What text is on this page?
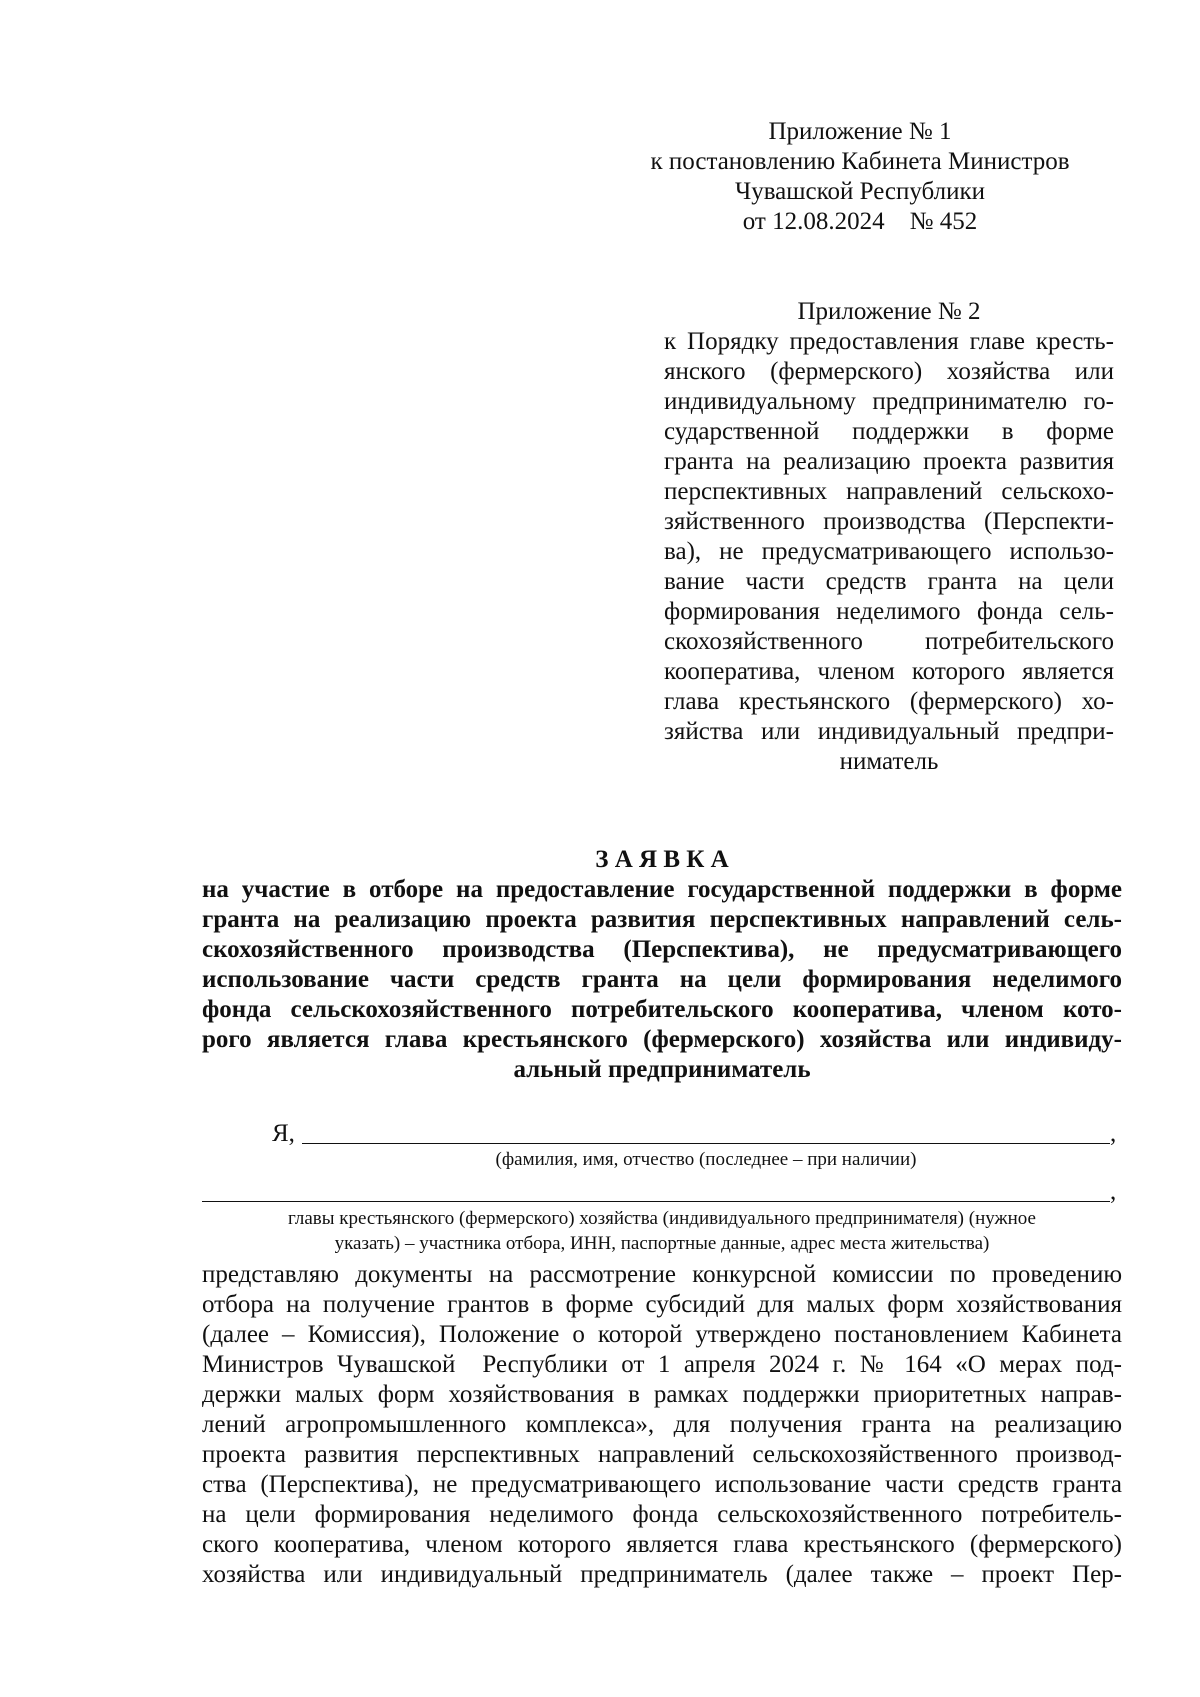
Приложение № 1
к постановлению Кабинета Министров
Чувашской Республики
от 12.08.2024    № 452
Приложение № 2
к Порядку предоставления главе кресть-
янского (фермерского) хозяйства или
индивидуальному предпринимателю го-
сударственной поддержки в форме
гранта на реализацию проекта развития
перспективных направлений сельскохо-
зяйственного производства (Перспекти-
ва), не предусматривающего использо-
вание части средств гранта на цели
формирования неделимого фонда сель-
скохозяйственного потребительского
кооператива, членом которого является
глава крестьянского (фермерского) хо-
зяйства или индивидуальный предпри-
ниматель
З А Я В К А
на участие в отборе на предоставление государственной поддержки в форме
гранта на реализацию проекта развития перспективных направлений сель-
скохозяйственного производства (Перспектива), не предусматривающего
использование части средств гранта на цели формирования неделимого
фонда сельскохозяйственного потребительского кооператива, членом кото-
рого является глава крестьянского (фермерского) хозяйства или индивиду-
альный предприниматель
Я,	,
(фамилия, имя, отчество (последнее – при наличии)
,
главы крестьянского (фермерского) хозяйства (индивидуального предпринимателя) (нужное
указать) – участника отбора, ИНН, паспортные данные, адрес места жительства)
представляю документы на рассмотрение конкурсной комиссии по проведению
отбора на получение грантов в форме субсидий для малых форм хозяйствования
(далее – Комиссия), Положение о которой утверждено постановлением Кабинета
Министров Чувашской  Республики от 1 апреля 2024 г. № 164 «О мерах под-
держки малых форм хозяйствования в рамках поддержки приоритетных направ-
лений агропромышленного комплекса», для получения гранта на реализацию
проекта развития перспективных направлений сельскохозяйственного производ-
ства (Перспектива), не предусматривающего использование части средств гранта
на цели формирования неделимого фонда сельскохозяйственного потребитель-
ского кооператива, членом которого является глава крестьянского (фермерского)
хозяйства или индивидуальный предприниматель (далее также – проект Пер-
